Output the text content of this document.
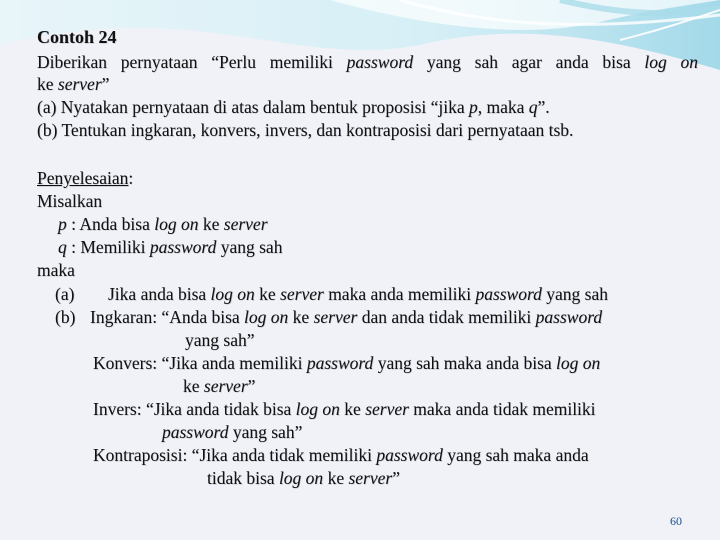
Contoh 24
Diberikan pernyataan “Perlu memiliki password yang sah agar anda bisa log on
ke server”
(a) Nyatakan pernyataan di atas dalam bentuk proposisi “jika p, maka q”.
(b) Tentukan ingkaran, konvers, invers, dan kontraposisi dari pernyataan tsb.
Penyelesaian:
Misalkan
p : Anda bisa log on ke server
q : Memiliki password yang sah
maka
(a) Jika anda bisa log on ke server maka anda memiliki password yang sah
(b) Ingkaran: “Anda bisa log on ke server dan anda tidak memiliki password
yang sah”
Konvers: “Jika anda memiliki password yang sah maka anda bisa log on
ke server”
Invers: “Jika anda tidak bisa log on ke server maka anda tidak memiliki
password yang sah”
Kontraposisi: “Jika anda tidak memiliki password yang sah maka anda
tidak bisa log on ke server”
60
